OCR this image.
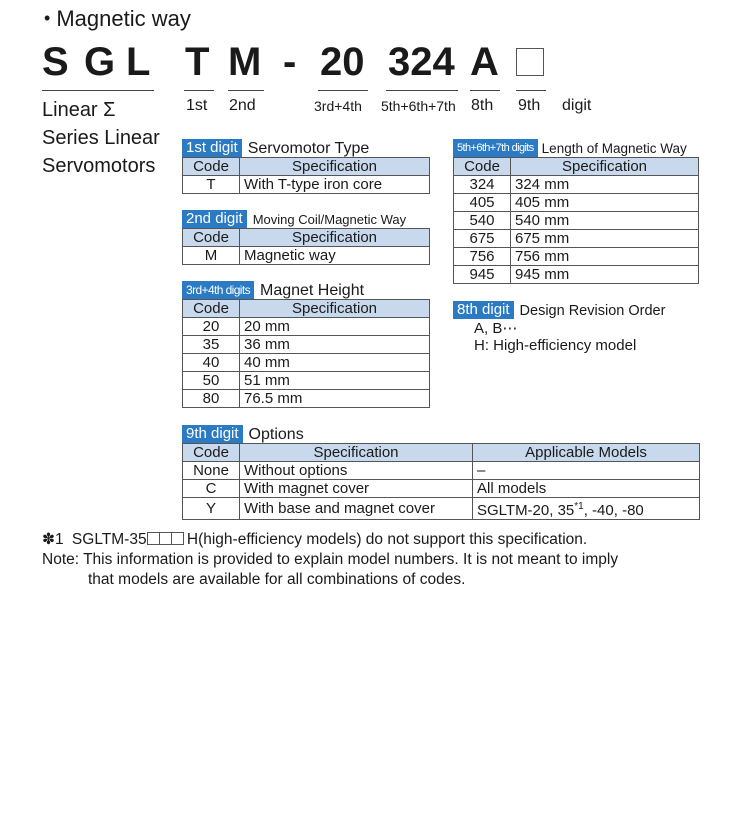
• Magnetic way
S G L T M - 20 324 A
1st 2nd	3rd+4th 5th+6th+7th 8th 9th digit
Linear Σ
Series Linear
Servomotors
1st digit Servomotor Type
Code	Specification
T	With T-type iron core
2nd digit Moving Coil/Magnetic Way
Code	Specification
M	Magnetic way
3rd+4th digits Magnet Height
Code	Specification
20	20 mm
35	36 mm
40	40 mm
50	51 mm
80	76.5 mm
5th+6th+7th digits Length of Magnetic Way
Code	Specification
324	324 mm
405	405 mm
540	540 mm
675	675 mm
756	756 mm
945	945 mm
8th digit Design Revision Order
A, B⋯
H: High-efficiency model
9th digit Options
Code	Specification	Applicable Models
None	Without options	–
C	With magnet cover	All models
Y	With base and magnet cover	SGLTM-20, 35$^{*1}$, -40, -80
✽1 SGLTM-35	H(high-efficiency models) do not support this specification.
Note: This information is provided to explain model numbers. It is not meant to imply
that models are available for all combinations of codes.
